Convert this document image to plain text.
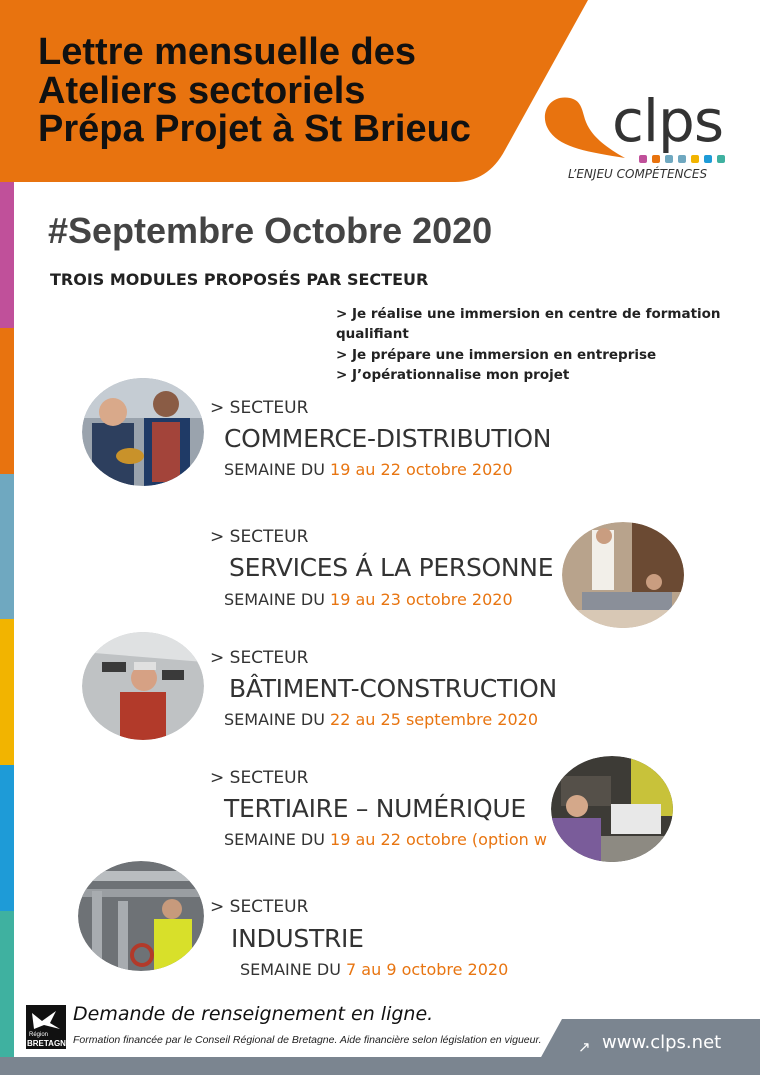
Lettre mensuelle des
Ateliers sectoriels
Prépa Projet à St Brieuc clps
L’ENJEU COMPÉTENCES
#Septembre Octobre 2020
TROIS MODULES PROPOSÉS PAR SECTEUR
> Je réalise une immersion en centre de formation
qualifiant
> Je prépare une immersion en entreprise
> J’opérationnalise mon projet
> SECTEUR
COMMERCE-DISTRIBUTION
SEMAINE DU 19 au 22 octobre 2020
> SECTEUR
SERVICES Á LA PERSONNE
SEMAINE DU 19 au 23 octobre 2020
> SECTEUR
BÂTIMENT-CONSTRUCTION
SEMAINE DU 22 au 25 septembre 2020
> SECTEUR
TERTIAIRE – NUMÉRIQUE
SEMAINE DU 19 au 22 octobre (option w
> SECTEUR
INDUSTRIE
SEMAINE DU 7 au 9 octobre 2020
Région
BRETAGNE
Demande de renseignement en ligne.
Formation financée par le Conseil Régional de Bretagne. Aide financière selon législation en vigueur. ↗ www.clps.net
